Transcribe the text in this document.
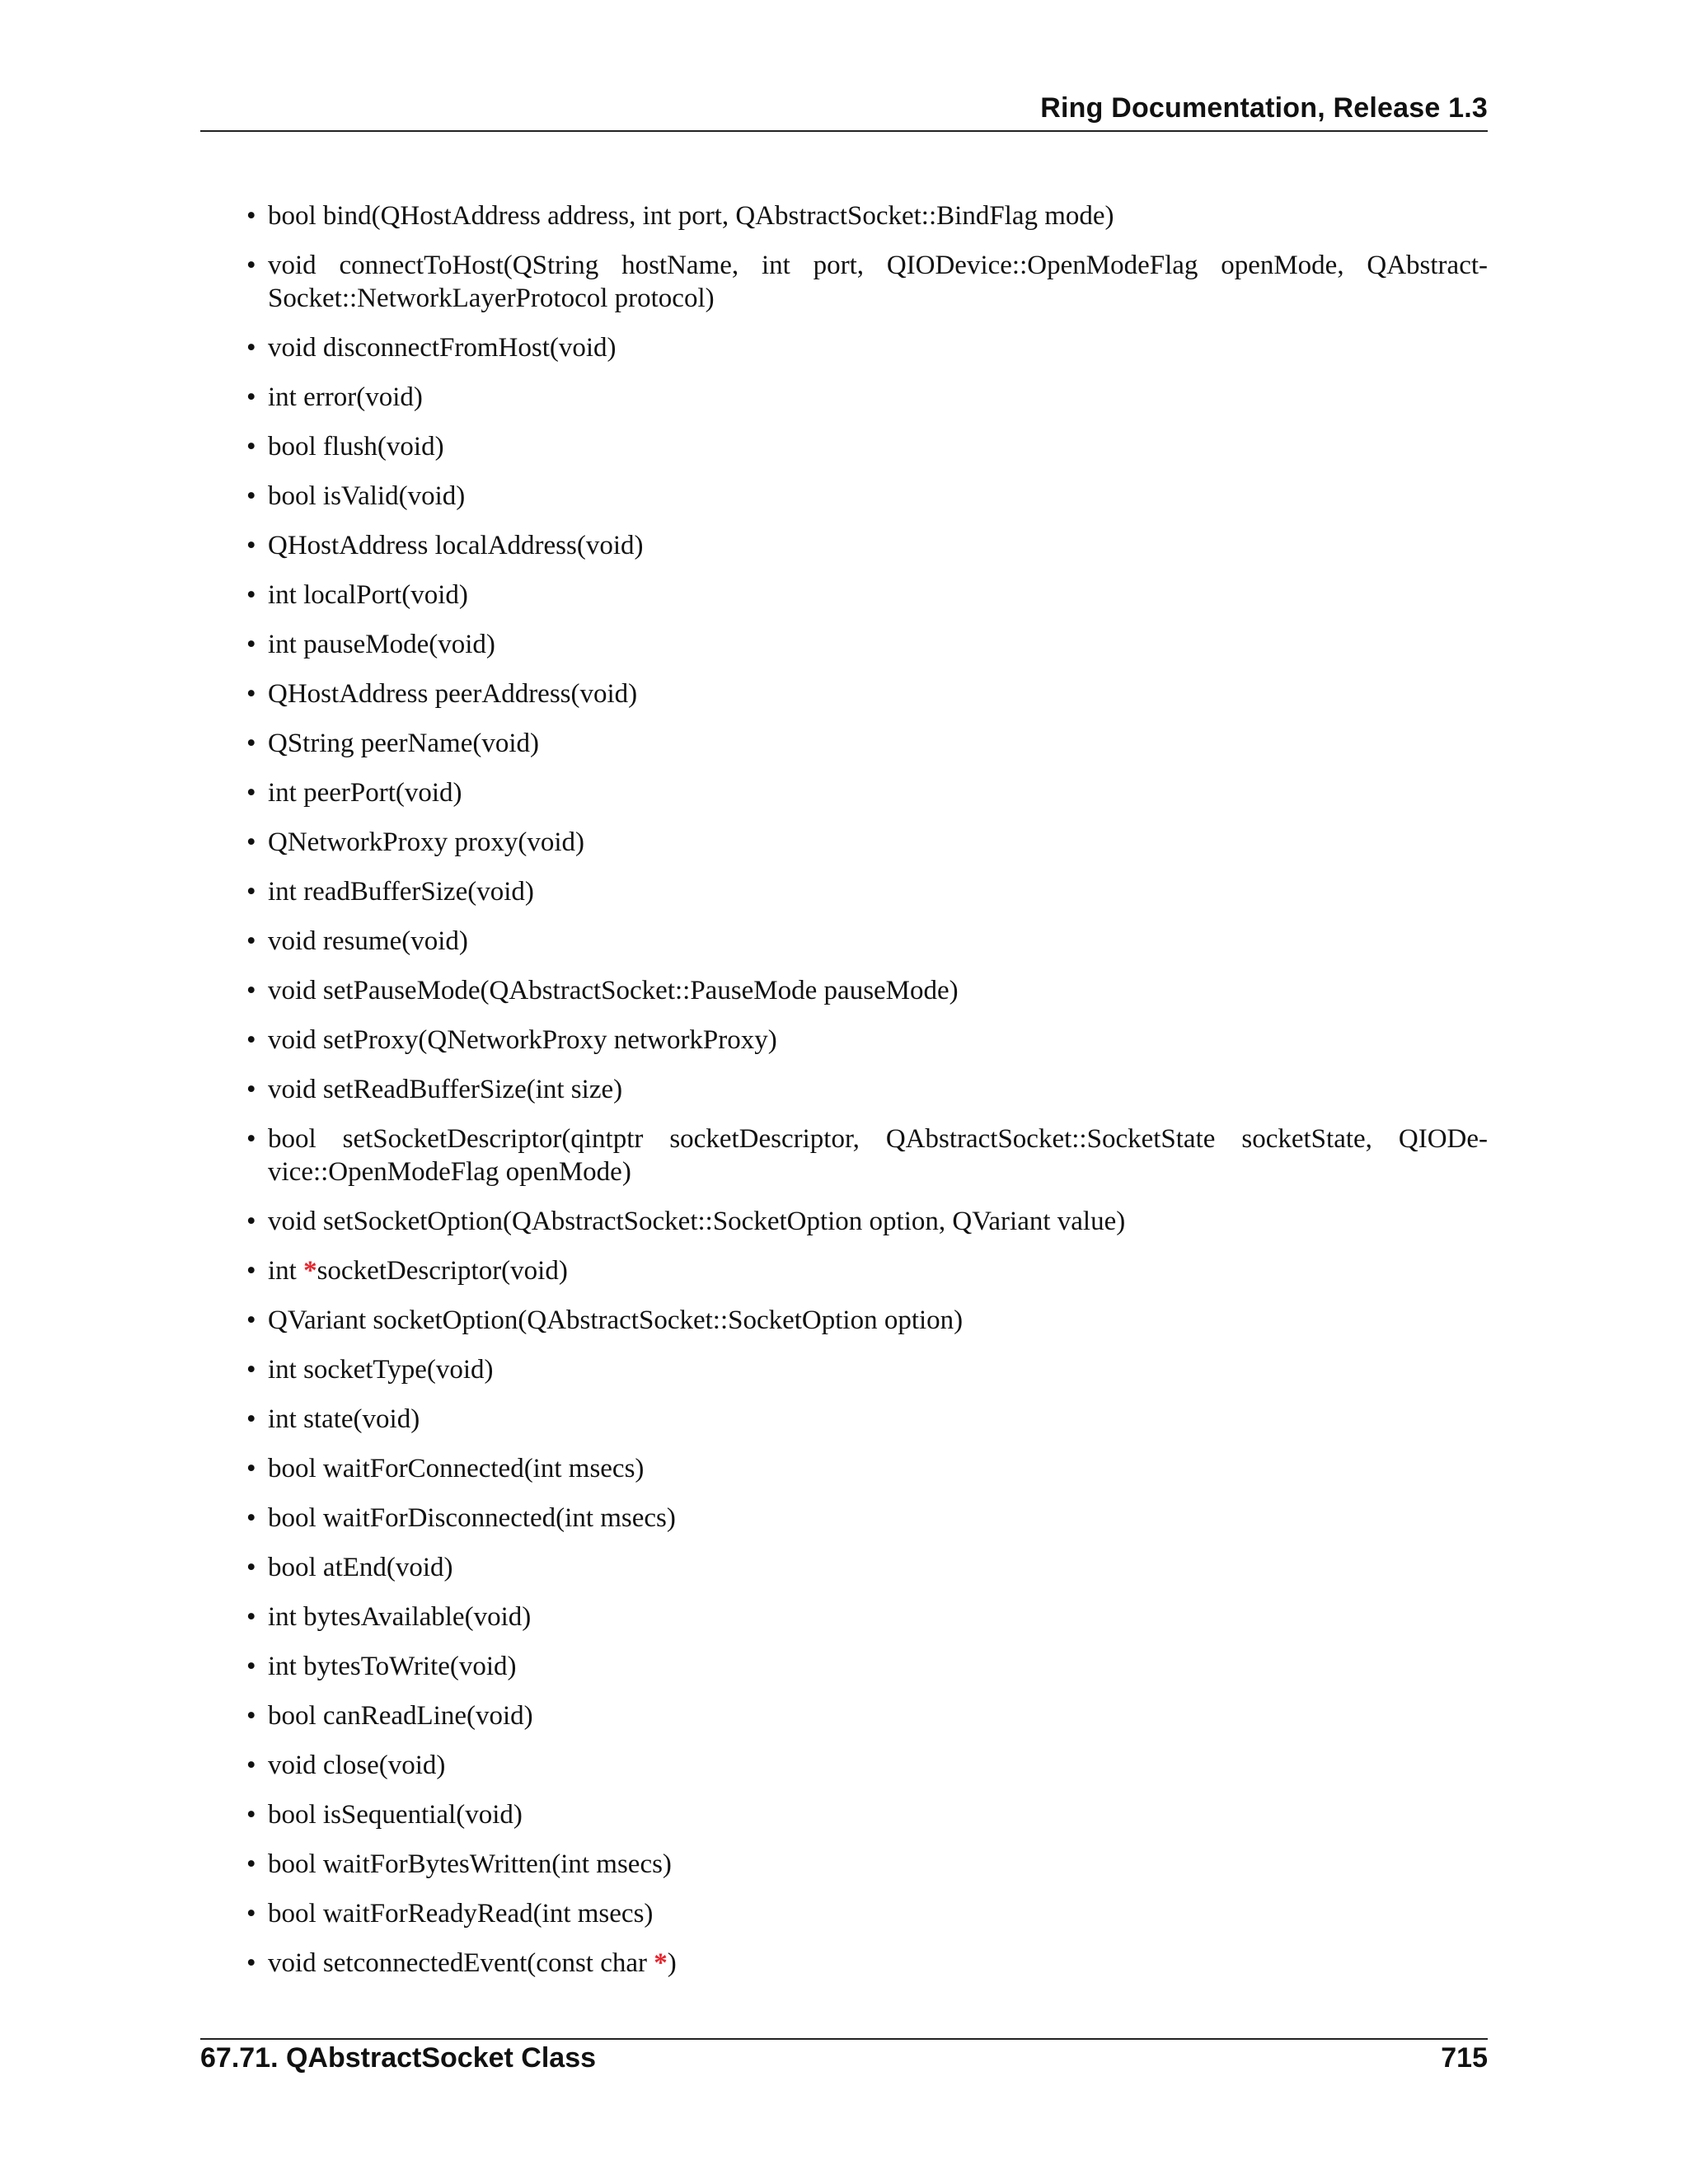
Ring Documentation, Release 1.3
• bool bind(QHostAddress address, int port, QAbstractSocket::BindFlag mode)
• void connectToHost(QString hostName, int port, QIODevice::OpenModeFlag openMode, QAbstract-Socket::NetworkLayerProtocol protocol)
• void disconnectFromHost(void)
• int error(void)
• bool flush(void)
• bool isValid(void)
• QHostAddress localAddress(void)
• int localPort(void)
• int pauseMode(void)
• QHostAddress peerAddress(void)
• QString peerName(void)
• int peerPort(void)
• QNetworkProxy proxy(void)
• int readBufferSize(void)
• void resume(void)
• void setPauseMode(QAbstractSocket::PauseMode pauseMode)
• void setProxy(QNetworkProxy networkProxy)
• void setReadBufferSize(int size)
• bool setSocketDescriptor(qintptr socketDescriptor, QAbstractSocket::SocketState socketState, QIODe-vice::OpenModeFlag openMode)
• void setSocketOption(QAbstractSocket::SocketOption option, QVariant value)
• int *socketDescriptor(void)
• QVariant socketOption(QAbstractSocket::SocketOption option)
• int socketType(void)
• int state(void)
• bool waitForConnected(int msecs)
• bool waitForDisconnected(int msecs)
• bool atEnd(void)
• int bytesAvailable(void)
• int bytesToWrite(void)
• bool canReadLine(void)
• void close(void)
• bool isSequential(void)
• bool waitForBytesWritten(int msecs)
• bool waitForReadyRead(int msecs)
• void setconnectedEvent(const char *)
67.71. QAbstractSocket Class	715
